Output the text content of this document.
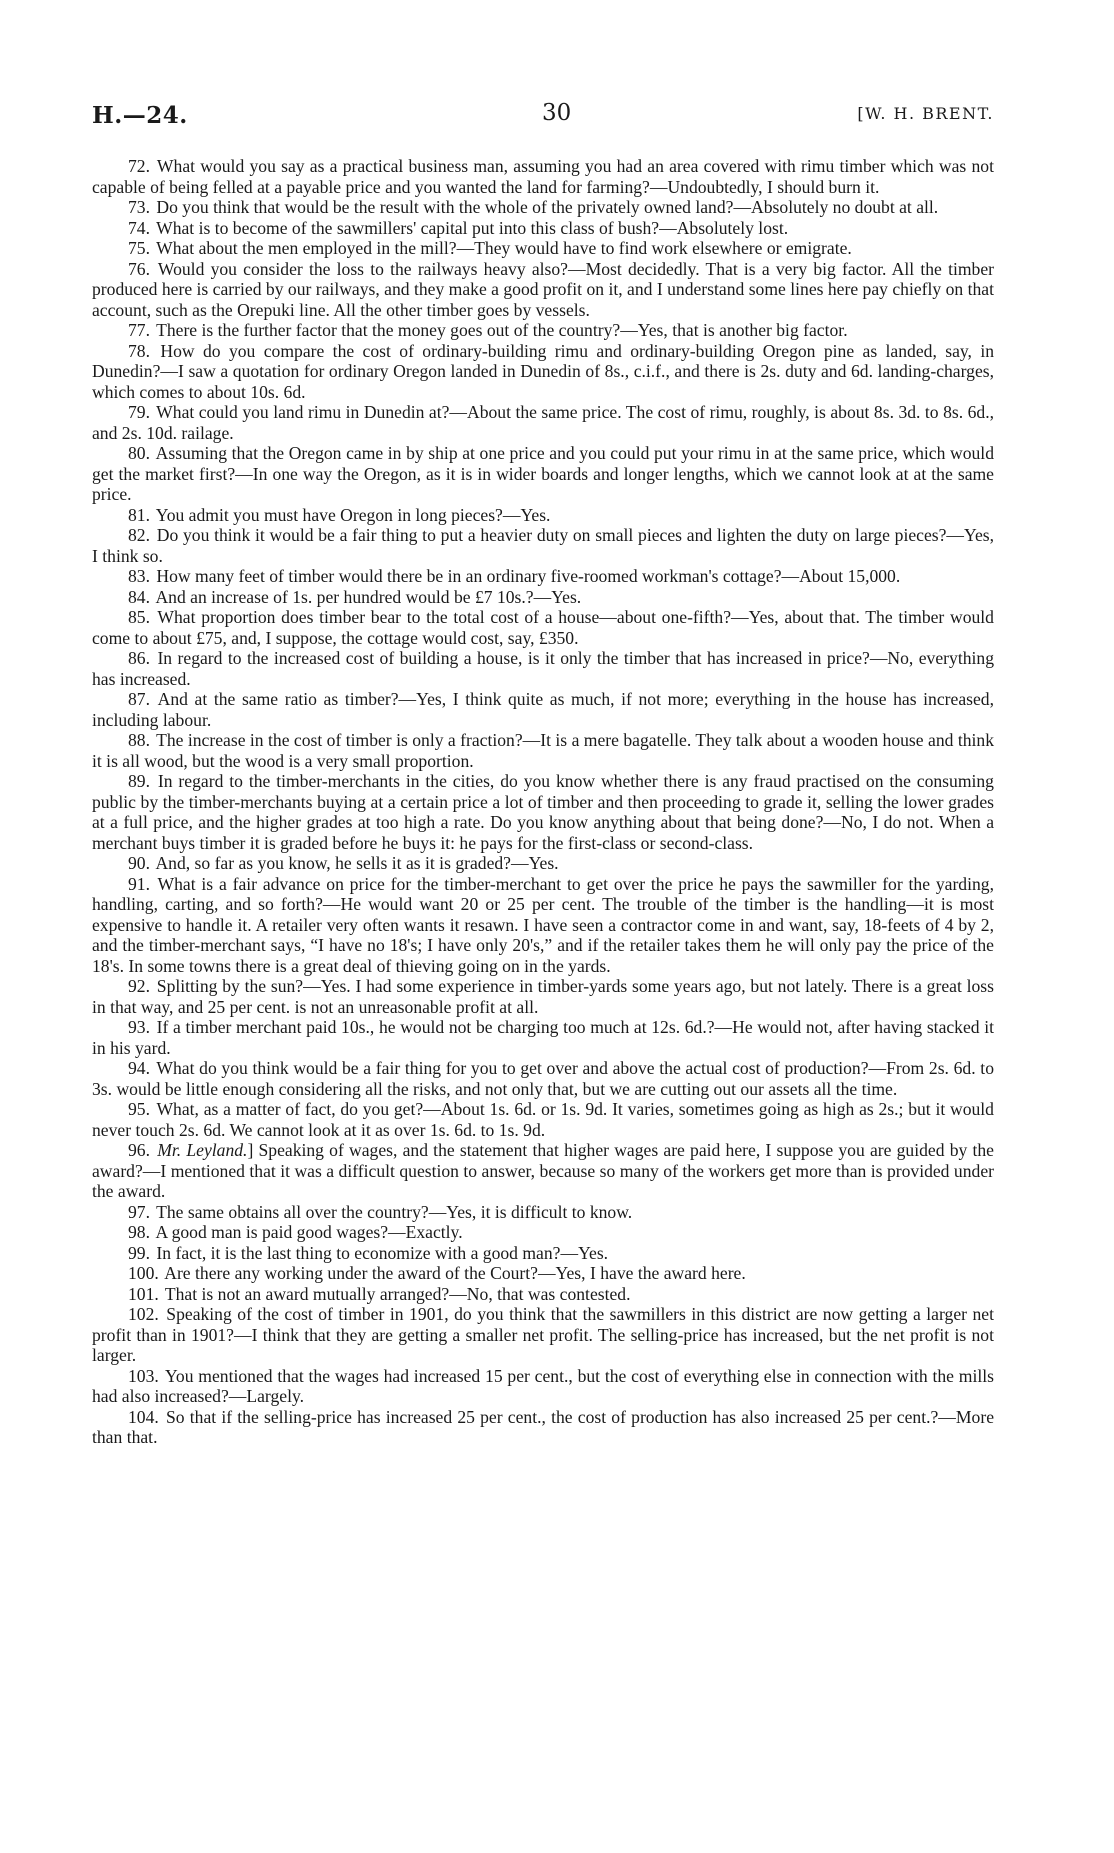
H.—24.	30	[W. H. BRENT.

72. What would you say as a practical business man, assuming you had an area covered with rimu timber which was not capable of being felled at a payable price and you wanted the land for farming?—Undoubtedly, I should burn it.

73. Do you think that would be the result with the whole of the privately owned land?—Absolutely no doubt at all.

74. What is to become of the sawmillers' capital put into this class of bush?—Absolutely lost.

75. What about the men employed in the mill?—They would have to find work elsewhere or emigrate.

76. Would you consider the loss to the railways heavy also?—Most decidedly. That is a very big factor. All the timber produced here is carried by our railways, and they make a good profit on it, and I understand some lines here pay chiefly on that account, such as the Orepuki line. All the other timber goes by vessels.

77. There is the further factor that the money goes out of the country?—Yes, that is another big factor.

78. How do you compare the cost of ordinary-building rimu and ordinary-building Oregon pine as landed, say, in Dunedin?—I saw a quotation for ordinary Oregon landed in Dunedin of 8s., c.i.f., and there is 2s. duty and 6d. landing-charges, which comes to about 10s. 6d.

79. What could you land rimu in Dunedin at?—About the same price. The cost of rimu, roughly, is about 8s. 3d. to 8s. 6d., and 2s. 10d. railage.

80. Assuming that the Oregon came in by ship at one price and you could put your rimu in at the same price, which would get the market first?—In one way the Oregon, as it is in wider boards and longer lengths, which we cannot look at at the same price.

81. You admit you must have Oregon in long pieces?—Yes.

82. Do you think it would be a fair thing to put a heavier duty on small pieces and lighten the duty on large pieces?—Yes, I think so.

83. How many feet of timber would there be in an ordinary five-roomed workman's cottage?—About 15,000.

84. And an increase of 1s. per hundred would be £7 10s.?—Yes.

85. What proportion does timber bear to the total cost of a house—about one-fifth?—Yes, about that. The timber would come to about £75, and, I suppose, the cottage would cost, say, £350.

86. In regard to the increased cost of building a house, is it only the timber that has increased in price?—No, everything has increased.

87. And at the same ratio as timber?—Yes, I think quite as much, if not more; everything in the house has increased, including labour.

88. The increase in the cost of timber is only a fraction?—It is a mere bagatelle. They talk about a wooden house and think it is all wood, but the wood is a very small proportion.

89. In regard to the timber-merchants in the cities, do you know whether there is any fraud practised on the consuming public by the timber-merchants buying at a certain price a lot of timber and then proceeding to grade it, selling the lower grades at a full price, and the higher grades at too high a rate. Do you know anything about that being done?—No, I do not. When a merchant buys timber it is graded before he buys it: he pays for the first-class or second-class.

90. And, so far as you know, he sells it as it is graded?—Yes.

91. What is a fair advance on price for the timber-merchant to get over the price he pays the sawmiller for the yarding, handling, carting, and so forth?—He would want 20 or 25 per cent. The trouble of the timber is the handling—it is most expensive to handle it. A retailer very often wants it resawn. I have seen a contractor come in and want, say, 18-feets of 4 by 2, and the timber-merchant says, “I have no 18's; I have only 20's,” and if the retailer takes them he will only pay the price of the 18's. In some towns there is a great deal of thieving going on in the yards.

92. Splitting by the sun?—Yes. I had some experience in timber-yards some years ago, but not lately. There is a great loss in that way, and 25 per cent. is not an unreasonable profit at all.

93. If a timber merchant paid 10s., he would not be charging too much at 12s. 6d.?—He would not, after having stacked it in his yard.

94. What do you think would be a fair thing for you to get over and above the actual cost of production?—From 2s. 6d. to 3s. would be little enough considering all the risks, and not only that, but we are cutting out our assets all the time.

95. What, as a matter of fact, do you get?—About 1s. 6d. or 1s. 9d. It varies, sometimes going as high as 2s.; but it would never touch 2s. 6d. We cannot look at it as over 1s. 6d. to 1s. 9d.

96. Mr. Leyland.] Speaking of wages, and the statement that higher wages are paid here, I suppose you are guided by the award?—I mentioned that it was a difficult question to answer, because so many of the workers get more than is provided under the award.

97. The same obtains all over the country?—Yes, it is difficult to know.

98. A good man is paid good wages?—Exactly.

99. In fact, it is the last thing to economize with a good man?—Yes.

100. Are there any working under the award of the Court?—Yes, I have the award here.

101. That is not an award mutually arranged?—No, that was contested.

102. Speaking of the cost of timber in 1901, do you think that the sawmillers in this district are now getting a larger net profit than in 1901?—I think that they are getting a smaller net profit. The selling-price has increased, but the net profit is not larger.

103. You mentioned that the wages had increased 15 per cent., but the cost of everything else in connection with the mills had also increased?—Largely.

104. So that if the selling-price has increased 25 per cent., the cost of production has also increased 25 per cent.?—More than that.
